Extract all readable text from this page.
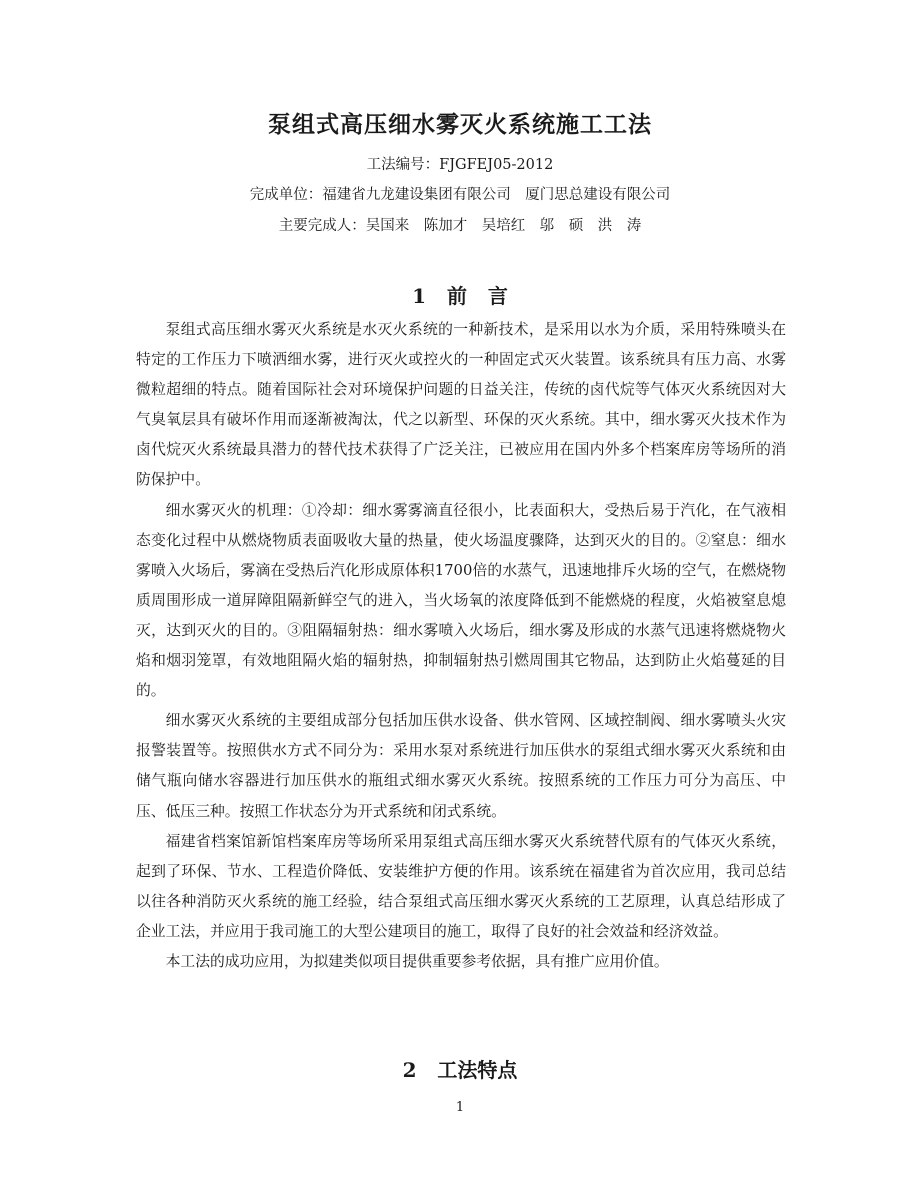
泵组式高压细水雾灭火系统施工工法
工法编号：FJGFEJ05-2012
完成单位：福建省九龙建设集团有限公司　厦门思总建设有限公司
主要完成人：吴国来　陈加才　吴培红　邬　硕　洪　涛
1   前   言

泵组式高压细水雾灭火系统是水灭火系统的一种新技术，是采用以水为介质，采用特殊喷头在特定的工作压力下喷洒细水雾，进行灭火或控火的一种固定式灭火装置。该系统具有压力高、水雾微粒超细的特点。随着国际社会对环境保护问题的日益关注，传统的卤代烷等气体灭火系统因对大气臭氧层具有破坏作用而逐渐被淘汰，代之以新型、环保的灭火系统。其中，细水雾灭火技术作为卤代烷灭火系统最具潜力的替代技术获得了广泛关注，已被应用在国内外多个档案库房等场所的消防保护中。

细水雾灭火的机理：①冷却：细水雾雾滴直径很小，比表面积大，受热后易于汽化，在气液相态变化过程中从燃烧物质表面吸收大量的热量，使火场温度骤降，达到灭火的目的。②窒息：细水雾喷入火场后，雾滴在受热后汽化形成原体积1700倍的水蒸气，迅速地排斥火场的空气，在燃烧物质周围形成一道屏障阻隔新鲜空气的进入，当火场氧的浓度降低到不能燃烧的程度，火焰被窒息熄灭，达到灭火的目的。③阻隔辐射热：细水雾喷入火场后，细水雾及形成的水蒸气迅速将燃烧物火焰和烟羽笼罩，有效地阻隔火焰的辐射热，抑制辐射热引燃周围其它物品，达到防止火焰蔓延的目的。

细水雾灭火系统的主要组成部分包括加压供水设备、供水管网、区域控制阀、细水雾喷头火灾报警装置等。按照供水方式不同分为：采用水泵对系统进行加压供水的泵组式细水雾灭火系统和由储气瓶向储水容器进行加压供水的瓶组式细水雾灭火系统。按照系统的工作压力可分为高压、中压、低压三种。按照工作状态分为开式系统和闭式系统。

福建省档案馆新馆档案库房等场所采用泵组式高压细水雾灭火系统替代原有的气体灭火系统，起到了环保、节水、工程造价降低、安装维护方便的作用。该系统在福建省为首次应用，我司总结以往各种消防灭火系统的施工经验，结合泵组式高压细水雾灭火系统的工艺原理，认真总结形成了企业工法，并应用于我司施工的大型公建项目的施工，取得了良好的社会效益和经济效益。

本工法的成功应用，为拟建类似项目提供重要参考依据，具有推广应用价值。

2   工法特点
1
